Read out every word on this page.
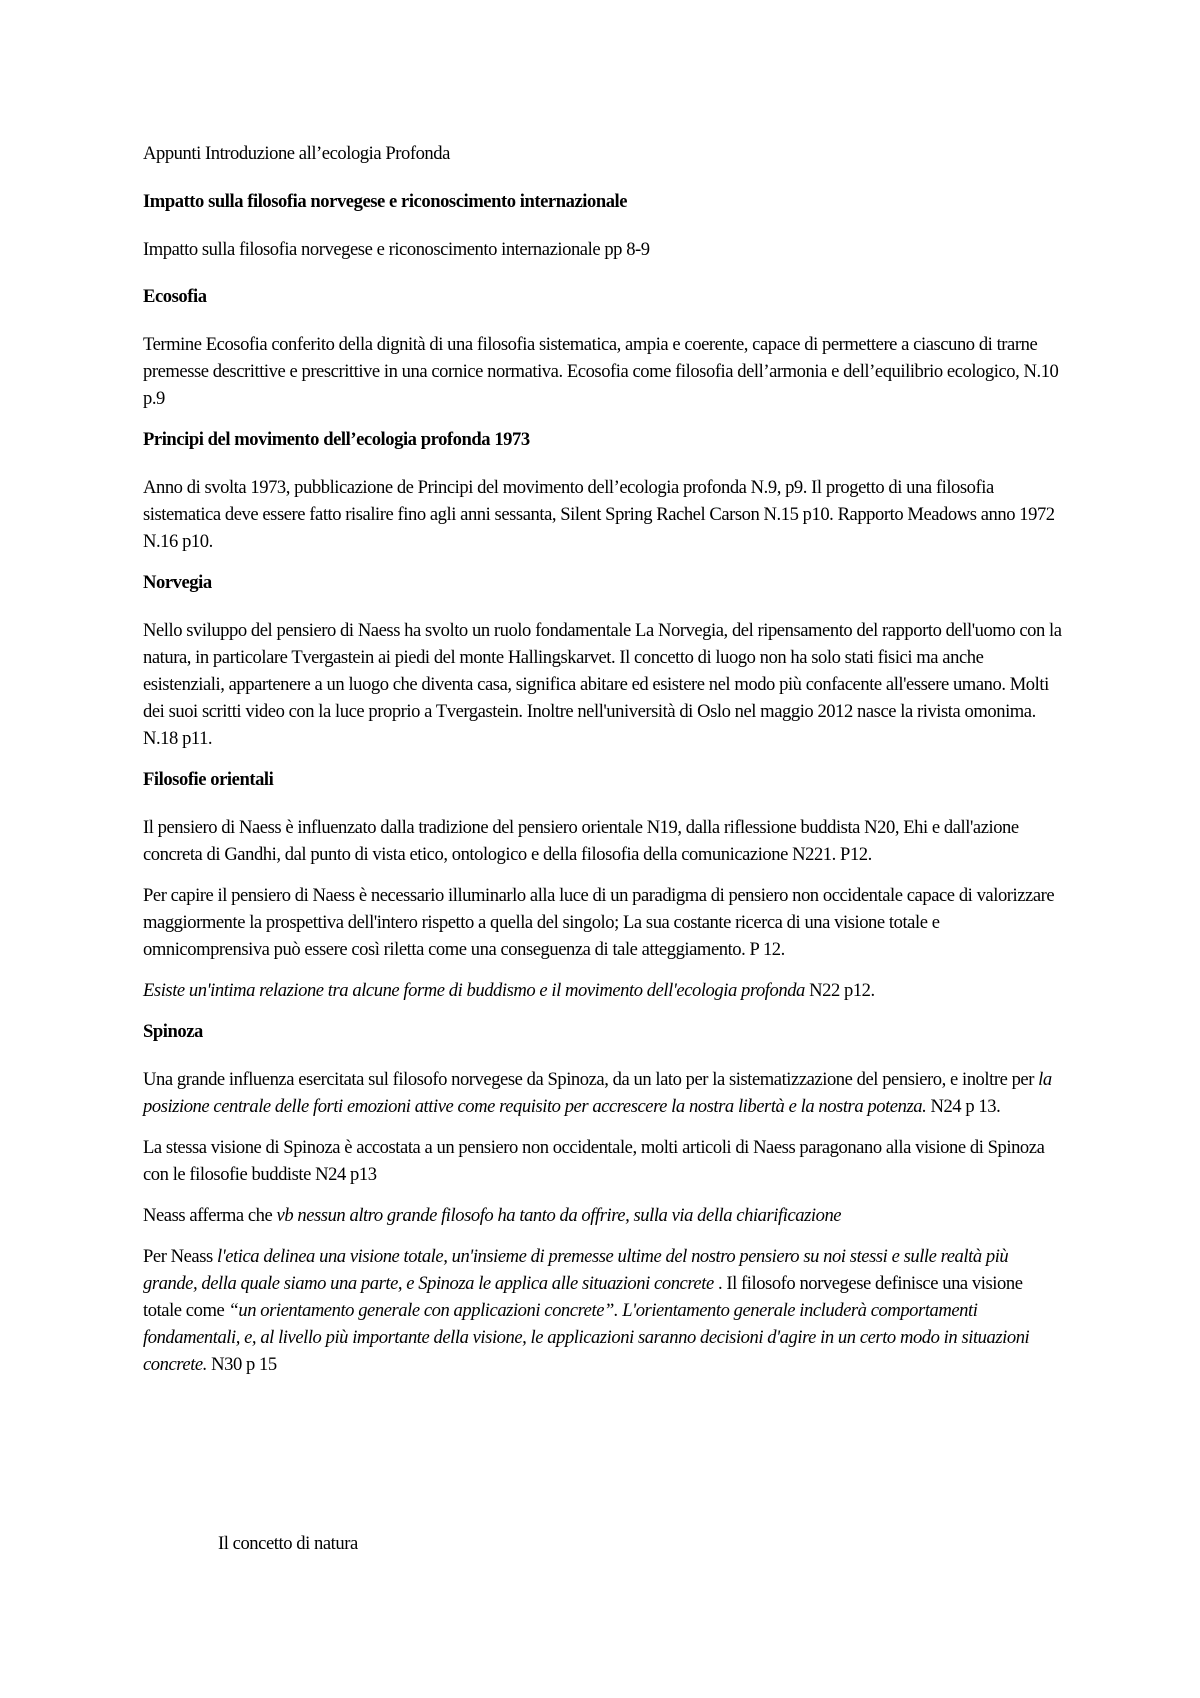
Appunti Introduzione all’ecologia Profonda

Impatto sulla filosofia norvegese e riconoscimento internazionale

Impatto sulla filosofia norvegese e riconoscimento internazionale pp 8-9

Ecosofia

Termine Ecosofia conferito della dignità di una filosofia sistematica, ampia e coerente, capace di permettere a ciascuno di trarne premesse descrittive e prescrittive in una cornice normativa. Ecosofia come filosofia dell’armonia e dell’equilibrio ecologico, N.10 p.9

Principi del movimento dell’ecologia profonda 1973

Anno di svolta 1973, pubblicazione de Principi del movimento dell’ecologia profonda N.9, p9. Il progetto di una filosofia sistematica deve essere fatto risalire fino agli anni sessanta, Silent Spring Rachel Carson N.15 p10. Rapporto Meadows anno 1972 N.16 p10.

Norvegia

Nello sviluppo del pensiero di Naess ha svolto un ruolo fondamentale La Norvegia, del ripensamento del rapporto dell'uomo con la natura, in particolare Tvergastein ai piedi del monte Hallingskarvet. Il concetto di luogo non ha solo stati fisici ma anche esistenziali, appartenere a un luogo che diventa casa, significa abitare ed esistere nel modo più confacente all'essere umano. Molti dei suoi scritti video con la luce proprio a Tvergastein. Inoltre nell'università di Oslo nel maggio 2012 nasce la rivista omonima. N.18 p11.

Filosofie orientali

Il pensiero di Naess è influenzato dalla tradizione del pensiero orientale N19, dalla riflessione buddista N20, Ehi e dall'azione concreta di Gandhi, dal punto di vista etico, ontologico e della filosofia della comunicazione N221. P12.

Per capire il pensiero di Naess è necessario illuminarlo alla luce di un paradigma di pensiero non occidentale capace di valorizzare maggiormente la prospettiva dell'intero rispetto a quella del singolo; La sua costante ricerca di una visione totale e omnicomprensiva può essere così riletta come una conseguenza di tale atteggiamento. P 12.

Esiste un'intima relazione tra alcune forme di buddismo e il movimento dell'ecologia profonda N22 p12.

Spinoza

Una grande influenza esercitata sul filosofo norvegese da Spinoza, da un lato per la sistematizzazione del pensiero, e inoltre per la posizione centrale delle forti emozioni attive come requisito per accrescere la nostra libertà e la nostra potenza. N24 p 13.

La stessa visione di Spinoza è accostata a un pensiero non occidentale, molti articoli di Naess paragonano alla visione di Spinoza con le filosofie buddiste N24 p13

Neass afferma che vb nessun altro grande filosofo ha tanto da offrire, sulla via della chiarificazione

Per Neass l'etica delinea una visione totale, un'insieme di premesse ultime del nostro pensiero su noi stessi e sulle realtà più grande, della quale siamo una parte, e Spinoza le applica alle situazioni concrete . Il filosofo norvegese definisce una visione totale come “un orientamento generale con applicazioni concrete”. L'orientamento generale includerà comportamenti fondamentali, e, al livello più importante della visione, le applicazioni saranno decisioni d'agire in un certo modo in situazioni concrete. N30 p 15

Il concetto di natura
